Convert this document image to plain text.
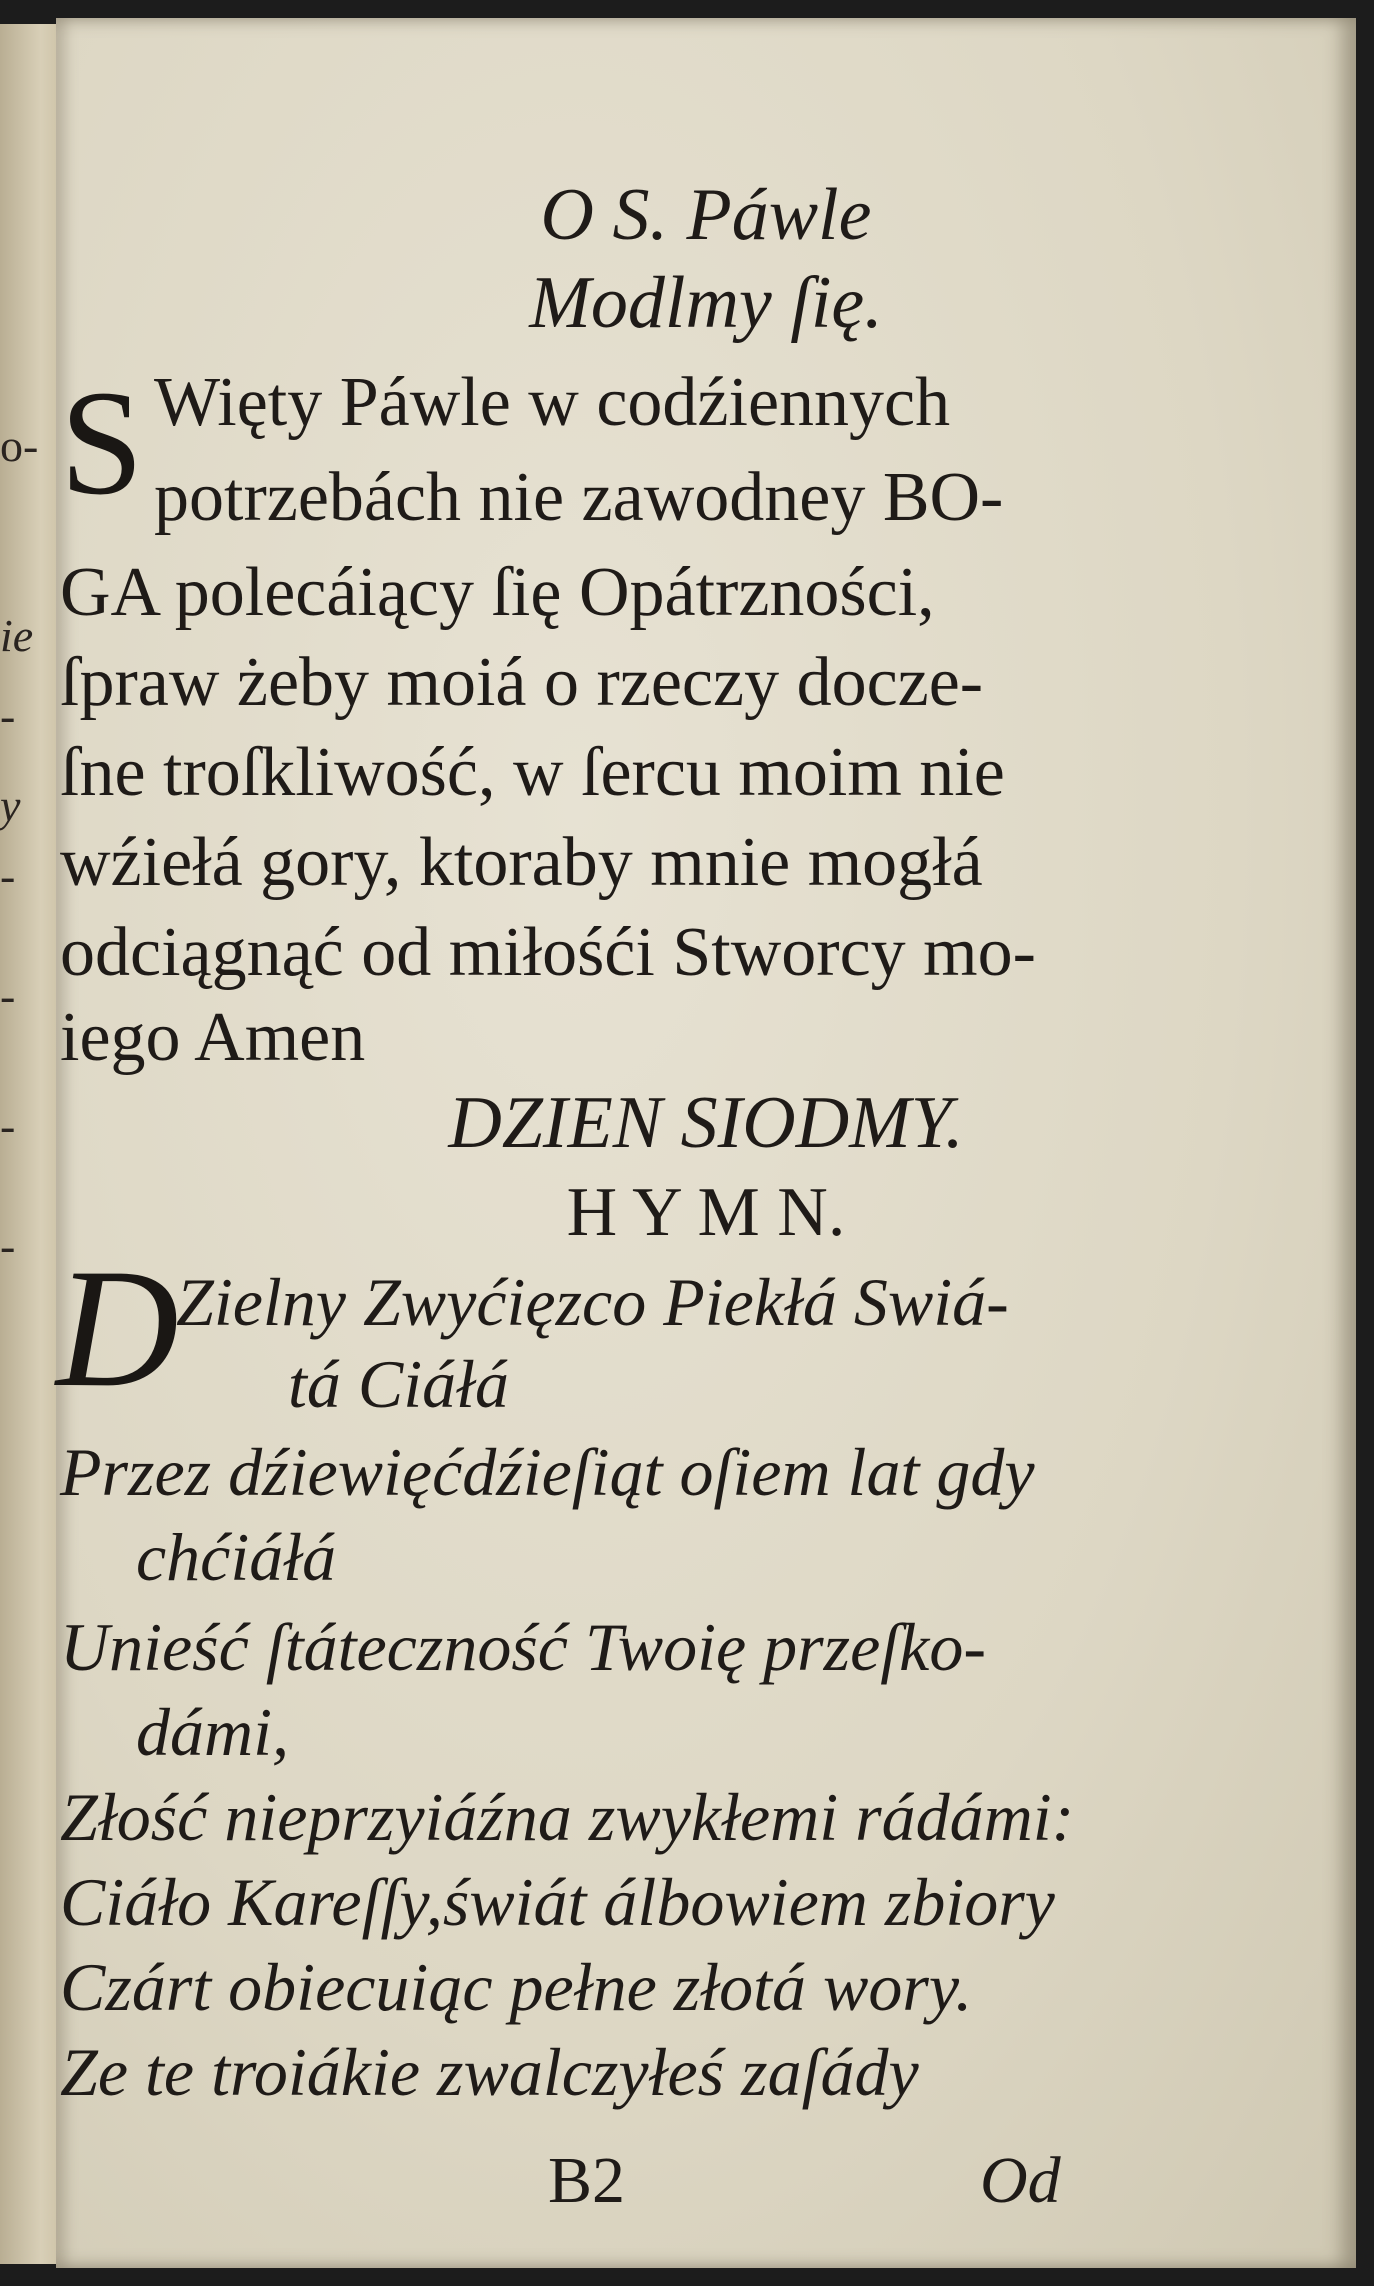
o-
ie
-
y
-
-
-
-
O S. Páwle
Modlmy ſię.
S Więty Páwle w codźiennych
potrzebách nie zawodney BO-
GA polecáiący ſię Opátrzności,
ſpraw żeby moiá o rzeczy docze-
ſne troſkliwość, w ſercu moim nie
wźiełá gory, ktoraby mnie mogłá
odciągnąć od miłośći Stworcy mo-
iego Amen
DZIEN SIODMY.
H Y M N.
D
Zielny Zwyćięzco Piekłá Swiá-
tá Ciáłá
Przez dźiewięćdźieſiąt oſiem lat gdy
chćiáłá
Unieść ſtáteczność Twoię przeſko-
dámi,
Złość nieprzyiáźna zwykłemi rádámi:
Ciáło Kareſſy,świát álbowiem zbiory
Czárt obiecuiąc pełne złotá wory.
Ze te troiákie zwalczyłeś zaſády
B2	Od
